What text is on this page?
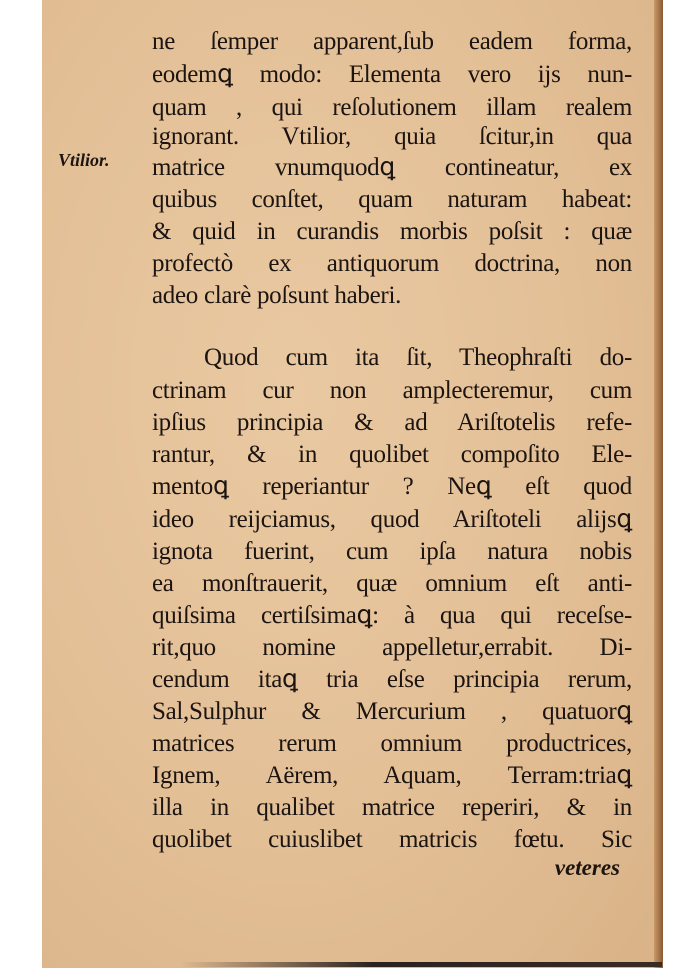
Vtilior.
ne ſemper apparent,ſub eadem forma,
eodemꝗ modo: Elementa vero ijs nun-
quam , qui reſolutionem illam realem
ignorant. Vtilior, quia ſcitur,in qua
matrice vnumquodꝗ contineatur, ex
quibus conſtet, quam naturam habeat:
& quid in curandis morbis poſsit : quæ
profectò ex antiquorum doctrina, non
adeo clarè poſsunt haberi.
Quod cum ita ſit, Theophraſti do-
ctrinam cur non amplecteremur, cum
ipſius principia & ad Ariſtotelis refe-
rantur, & in quolibet compoſito Ele-
mentoꝗ reperiantur ? Neꝗ eſt quod
ideo reijciamus, quod Ariſtoteli alijsꝗ
ignota fuerint, cum ipſa natura nobis
ea monſtrauerit, quæ omnium eſt anti-
quiſsima certiſsimaꝗ: à qua qui receſse-
rit,quo nomine appelletur,errabit. Di-
cendum itaꝗ tria eſse principia rerum,
Sal,Sulphur & Mercurium , quatuorꝗ
matrices rerum omnium productrices,
Ignem, Aërem, Aquam, Terram:triaꝗ
illa in qualibet matrice reperiri, & in
quolibet cuiuslibet matricis fœtu. Sic
veteres
